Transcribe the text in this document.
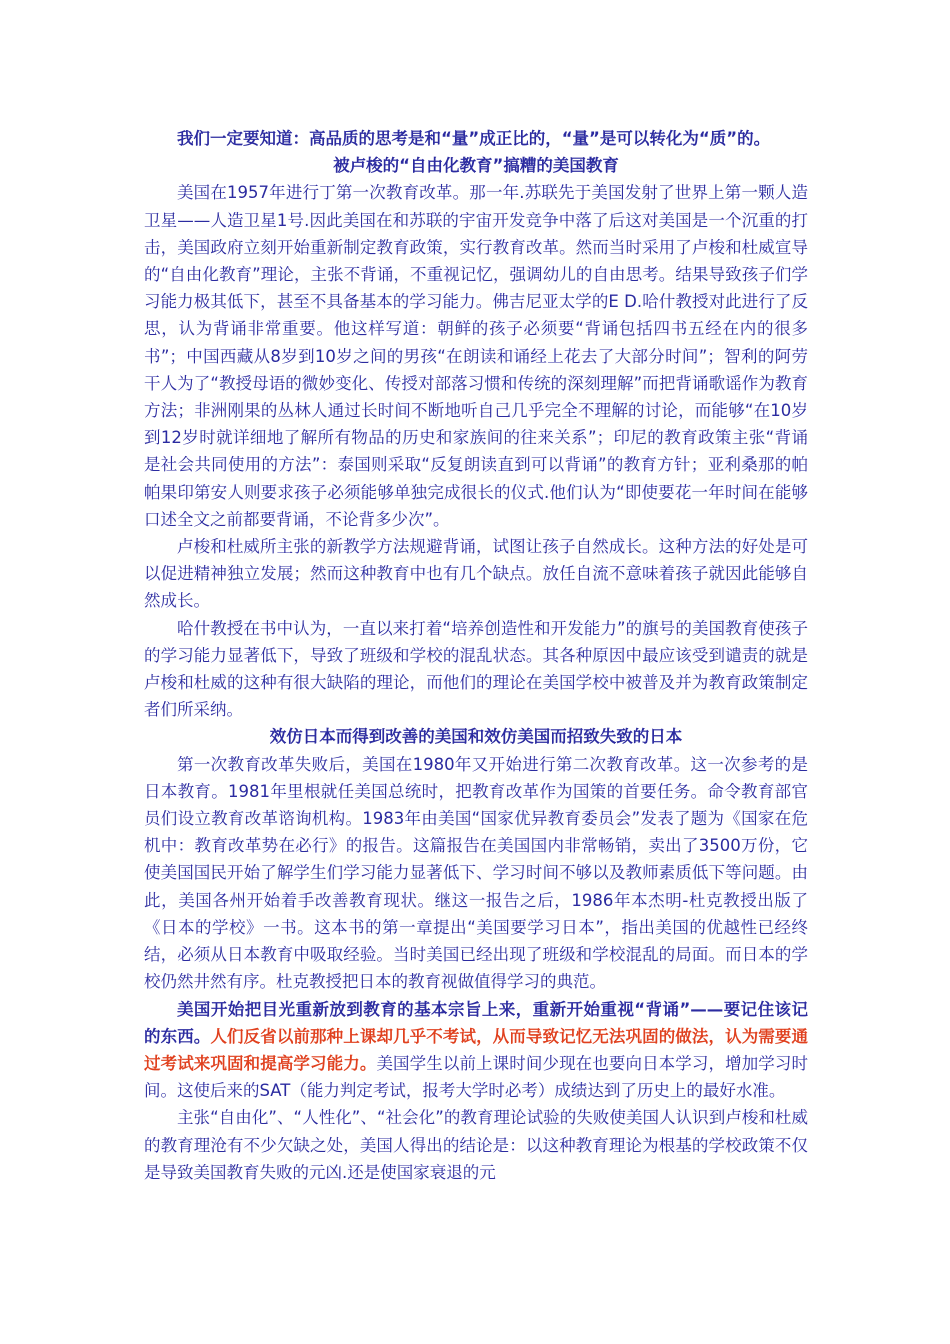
我们一定要知道：高品质的思考是和“量”成正比的，“量”是可以转化为“质”的。

被卢梭的“自由化教育”搞糟的美国教育

美国在1957年进行丁第一次教育改革。那一年.苏联先于美国发射了世界上第一颗人造卫星——人造卫星1号.因此美国在和苏联的宇宙开发竞争中落了后这对美国是一个沉重的打击，美国政府立刻开始重新制定教育政策，实行教育改革。然而当时采用了卢梭和杜威宣导的“自由化教育”理论，主张不背诵，不重视记忆，强调幼儿的自由思考。结果导致孩子们学习能力极其低下，甚至不具备基本的学习能力。佛吉尼亚太学的E D.哈什教授对此进行了反思，认为背诵非常重要。他这样写道：朝鲜的孩子必须要“背诵包括四书五经在内的很多书”；中国西藏从8岁到10岁之间的男孩“在朗读和诵经上花去了大部分时间”；智利的阿劳干人为了“教授母语的微妙变化、传授对部落习惯和传统的深刻理解”而把背诵歌谣作为教育方法；非洲刚果的丛林人通过长时间不断地听自己几乎完全不理解的讨论，而能够“在10岁到12岁时就详细地了解所有物品的历史和家族间的往来关系”；印尼的教育政策主张“背诵是社会共同使用的方法”：泰国则采取“反复朗读直到可以背诵”的教育方针；亚利桑那的帕帕果印第安人则要求孩子必须能够单独完成很长的仪式.他们认为“即使要花一年时间在能够口述全文之前都要背诵，不论背多少次”。

卢梭和杜威所主张的新教学方法规避背诵，试图让孩子自然成长。这种方法的好处是可以促进精神独立发展；然而这种教育中也有几个缺点。放任自流不意味着孩子就因此能够自然成长。

哈什教授在书中认为，一直以来打着“培养创造性和开发能力”的旗号的美国教育使孩子的学习能力显著低下，导致了班级和学校的混乱状态。其各种原因中最应该受到谴责的就是卢梭和杜威的这种有很大缺陷的理论，而他们的理论在美国学校中被普及并为教育政策制定者们所采纳。

效仿日本而得到改善的美国和效仿美国而招致失致的日本

第一次教育改革失败后，美国在1980年又开始进行第二次教育改革。这一次参考的是日本教育。1981年里根就任美国总统时，把教育改革作为国策的首要任务。命令教育部官员们设立教育改革谘询机构。1983年由美国“国家优异教育委员会”发表了题为《国家在危机中：教育改革势在必行》的报告。这篇报告在美国国内非常畅销，卖出了3500万份，它使美国国民开始了解学生们学习能力显著低下、学习时间不够以及教师素质低下等问题。由此，美国各州开始着手改善教育现状。继这一报告之后，1986年本杰明-杜克教授出版了《日本的学校》一书。这本书的第一章提出“美国要学习日本”，指出美国的优越性已经终结，必须从日本教育中吸取经验。当时美国已经出现了班级和学校混乱的局面。而日本的学校仍然井然有序。杜克教授把日本的教育视做值得学习的典范。

美国开始把目光重新放到教育的基本宗旨上来，重新开始重视“背诵”——要记住该记的东西。人们反省以前那种上课却几乎不考试，从而导致记忆无法巩固的做法，认为需要通过考试来巩固和提高学习能力。美国学生以前上课时间少现在也要向日本学习，增加学习时间。这使后来的SAT（能力判定考试，报考大学时必考）成绩达到了历史上的最好水准。

主张“自由化”、“人性化”、“社会化”的教育理论试验的失败使美国人认识到卢梭和杜威的教育理沧有不少欠缺之处，美国人得出的结论是：以这种教育理论为根基的学校政策不仅是导致美国教育失败的元凶.还是使国家衰退的元
